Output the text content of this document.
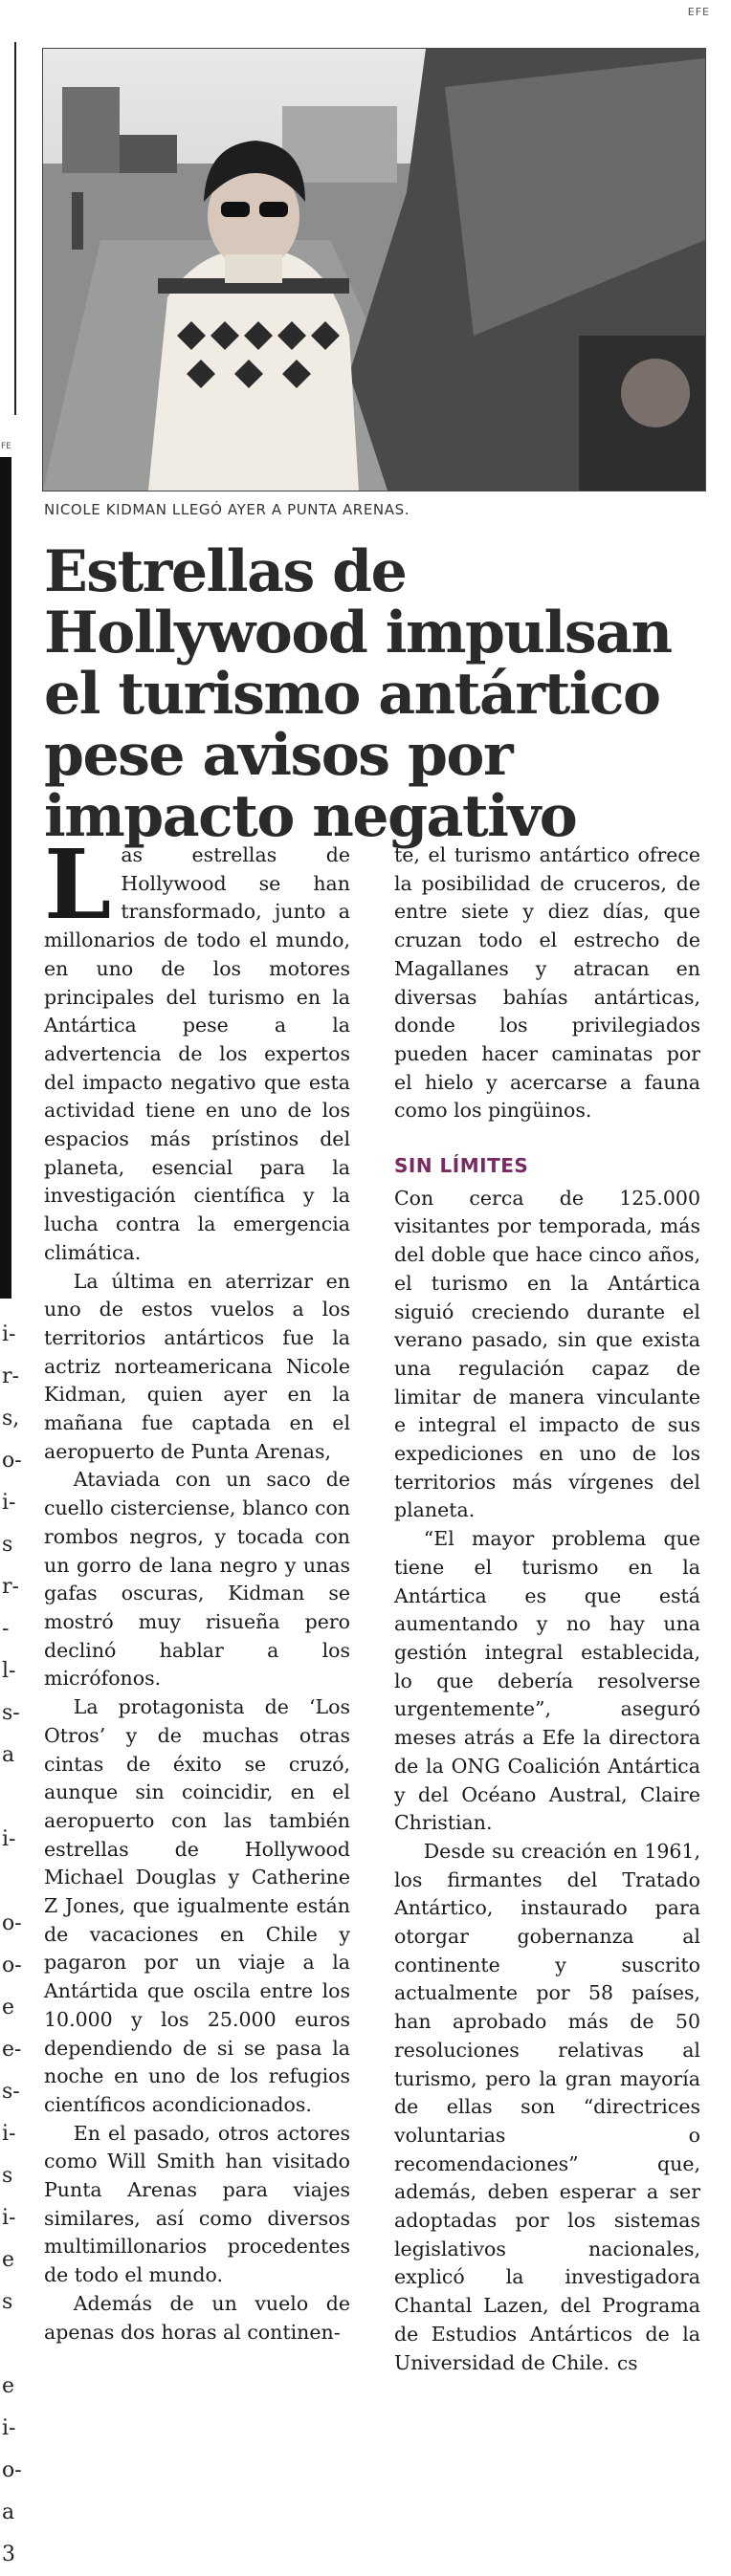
EFE
FE
i-
r-
s,
o-
i-
s
r-
-
l-
s-
a

i-

o-
o-
e
e-
s-
i-
s
i-
e
s

e
i-
o-
a
3
NICOLE KIDMAN LLEGÓ AYER A PUNTA ARENAS.
Estrellas de Hollywood impulsan el turismo antártico pese avisos por impacto negativo

Las estrellas de Hollywood se han transformado, junto a millonarios de todo el mundo, en uno de los motores principales del turismo en la Antártica pese a la advertencia de los expertos del impacto negativo que esta actividad tiene en uno de los espacios más prístinos del planeta, esencial para la investigación científica y la lucha contra la emergencia climática.

La última en aterrizar en uno de estos vuelos a los territorios antárticos fue la actriz norteamericana Nicole Kidman, quien ayer en la mañana fue captada en el aeropuerto de Punta Arenas,

Ataviada con un saco de cuello cisterciense, blanco con rombos negros, y tocada con un gorro de lana negro y unas gafas oscuras, Kidman se mostró muy risueña pero declinó hablar a los micrófonos.

La protagonista de ‘Los Otros’ y de muchas otras cintas de éxito se cruzó, aunque sin coincidir, en el aeropuerto con las también estrellas de Hollywood Michael Douglas y Catherine Z Jones, que igualmente están de vacaciones en Chile y pagaron por un viaje a la Antártida que oscila entre los 10.000 y los 25.000 euros dependiendo de si se pasa la noche en uno de los refugios científicos acondicionados.

En el pasado, otros actores como Will Smith han visitado Punta Arenas para viajes similares, así como diversos multimillonarios procedentes de todo el mundo.

Además de un vuelo de apenas dos horas al continen-

te, el turismo antártico ofrece la posibilidad de cruceros, de entre siete y diez días, que cruzan todo el estrecho de Magallanes y atracan en diversas bahías antárticas, donde los privilegiados pueden hacer caminatas por el hielo y acercarse a fauna como los pingüinos.

SIN LÍMITES

Con cerca de 125.000 visitantes por temporada, más del doble que hace cinco años, el turismo en la Antártica siguió creciendo durante el verano pasado, sin que exista una regulación capaz de limitar de manera vinculante e integral el impacto de sus expediciones en uno de los territorios más vírgenes del planeta.

“El mayor problema que tiene el turismo en la Antártica es que está aumentando y no hay una gestión integral establecida, lo que debería resolverse urgentemente”, aseguró meses atrás a Efe la directora de la ONG Coalición Antártica y del Océano Austral, Claire Christian.

Desde su creación en 1961, los firmantes del Tratado Antártico, instaurado para otorgar gobernanza al continente y suscrito actualmente por 58 países, han aprobado más de 50 resoluciones relativas al turismo, pero la gran mayoría de ellas son “directrices voluntarias o recomendaciones” que, además, deben esperar a ser adoptadas por los sistemas legislativos nacionales, explicó la investigadora Chantal Lazen, del Programa de Estudios Antárticos de la Universidad de Chile. cs
